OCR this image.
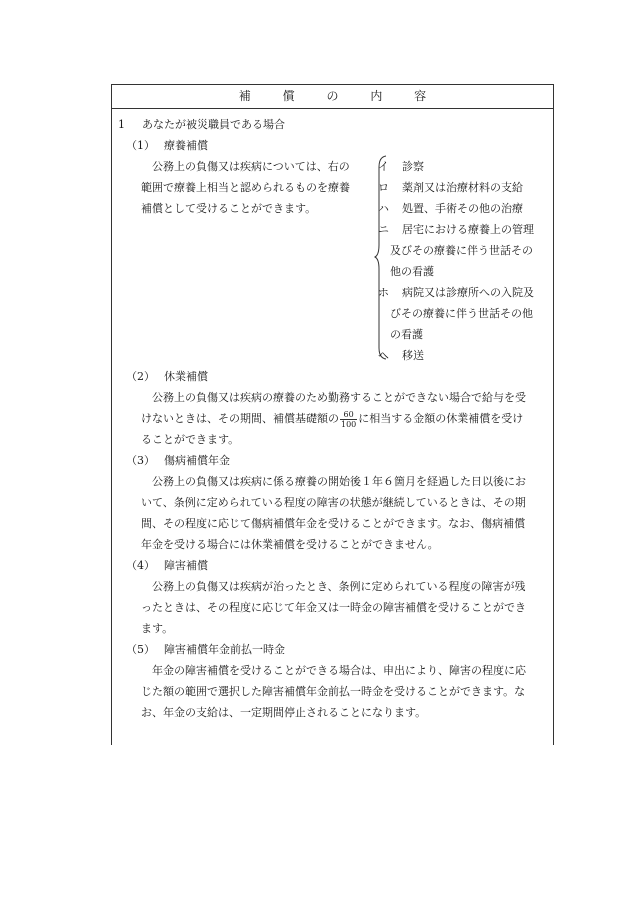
補	償	の	内	容
1 あなたが被災職員である場合
（1） 療養補償
公務上の負傷又は疾病については、右の
範囲で療養上相当と認められるものを療養
補償として受けることができます。
イ 診察
ロ 薬剤又は治療材料の支給
ハ 処置、手術その他の治療
ニ 居宅における療養上の管理
及びその療養に伴う世話その
他の看護
ホ 病院又は診療所への入院及
びその療養に伴う世話その他
の看護
ヘ 移送
（2） 休業補償
公務上の負傷又は疾病の療養のため勤務することができない場合で給与を受
けないときは、その期間、補償基礎額の $\frac{60}{100}$ に相当する金額の休業補償を受け
ることができます。
（3） 傷病補償年金
公務上の負傷又は疾病に係る療養の開始後１年６箇月を経過した日以後にお
いて、条例に定められている程度の障害の状態が継続しているときは、その期
間、その程度に応じて傷病補償年金を受けることができます。なお、傷病補償
年金を受ける場合には休業補償を受けることができません。
（4） 障害補償
公務上の負傷又は疾病が治ったとき、条例に定められている程度の障害が残
ったときは、その程度に応じて年金又は一時金の障害補償を受けることができ
ます。
（5） 障害補償年金前払一時金
年金の障害補償を受けることができる場合は、申出により、障害の程度に応
じた額の範囲で選択した障害補償年金前払一時金を受けることができます。な
お、年金の支給は、一定期間停止されることになります。
